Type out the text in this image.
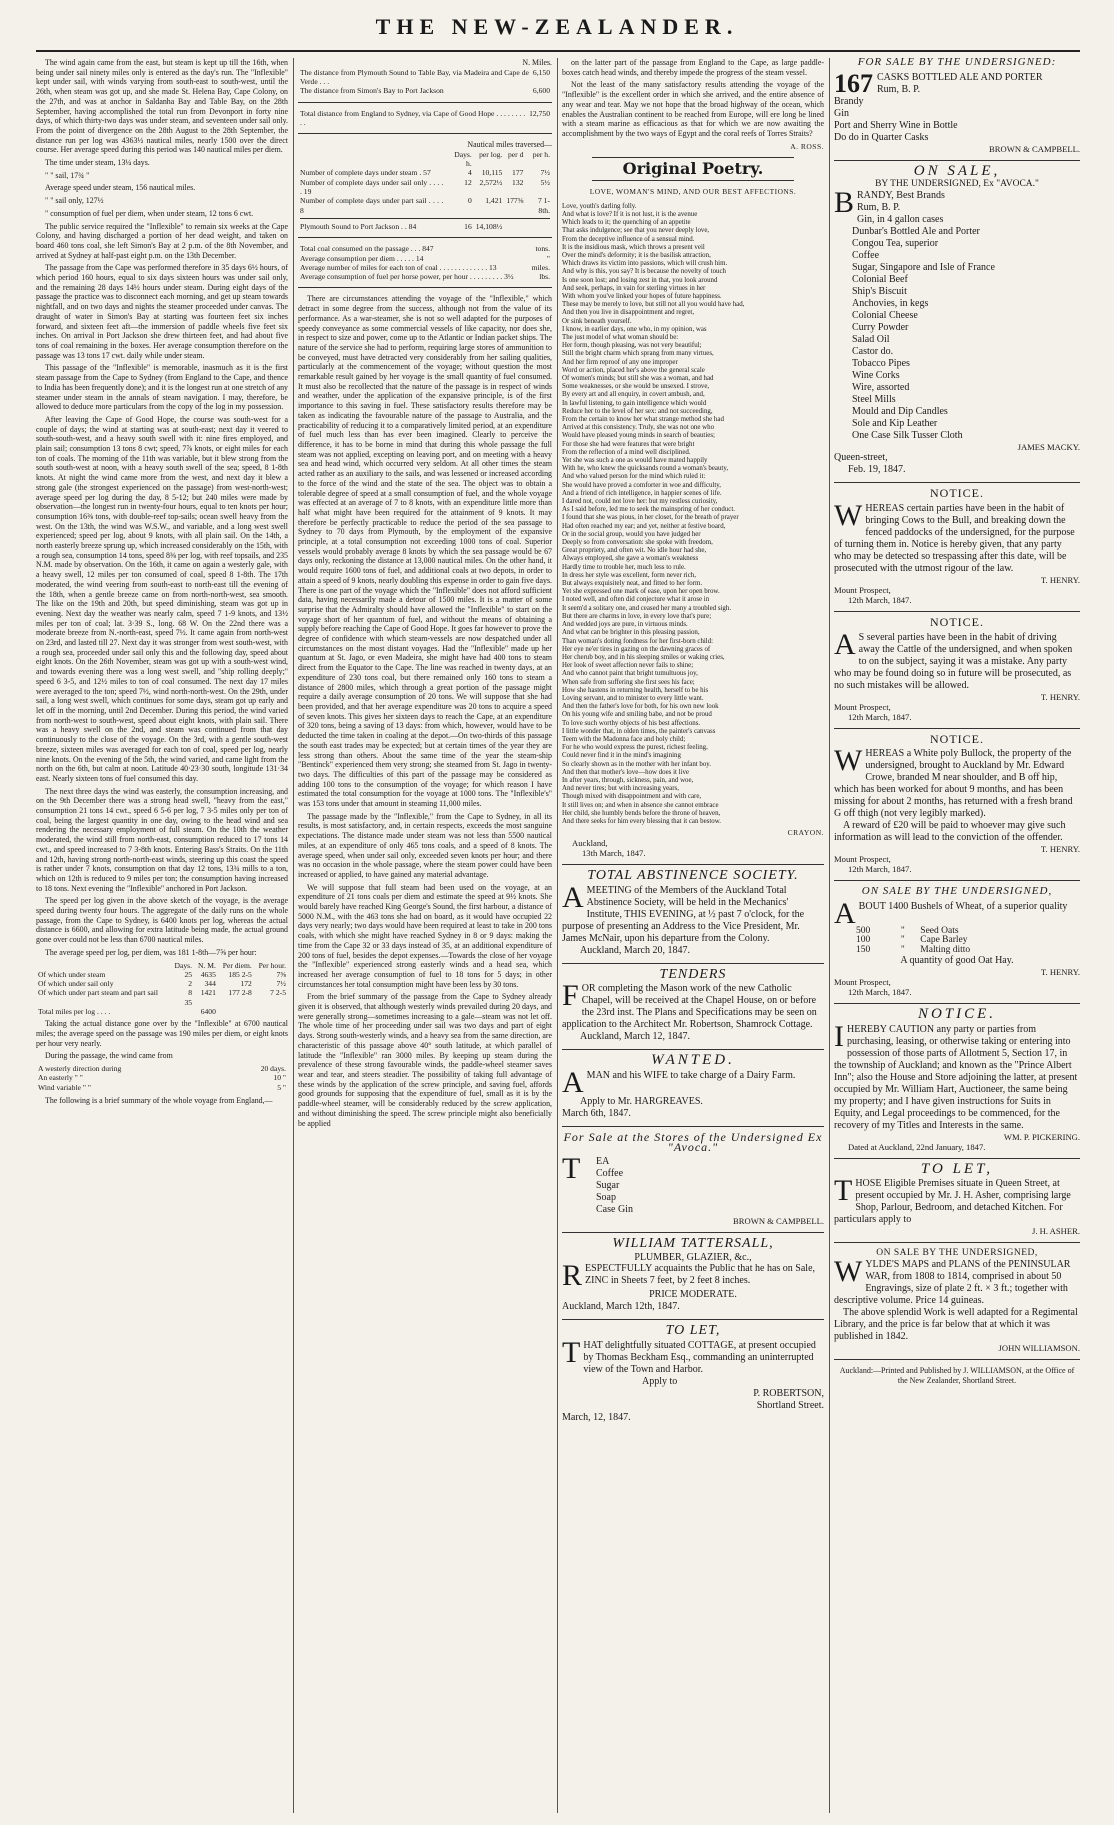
THE NEW-ZEALANDER.

The wind again came from the east, but steam is kept up till the 16th, when being under sail ninety miles only is entered as the day's run. The "Inflexible" kept under sail, with winds varying from south-east to south-west, until the 26th, when steam was got up, and she made St. Helena Bay, Cape Colony, on the 27th, and was at anchor in Saldanha Bay and Table Bay, on the 28th September, having accomplished the total run from Devonport in forty nine days, of which thirty-two days was under steam, and seventeen under sail only. From the point of divergence on the 28th August to the 28th September, the distance run per log was 4363½ nautical miles, nearly 1500 over the direct course. Her average speed during this period was 140 nautical miles per diem.

The time under steam, 13¼ days.

" " sail, 17¾ "

Average speed under steam, 156 nautical miles.

" " sail only, 127½

" consumption of fuel per diem, when under steam, 12 tons 6 cwt.

The public service required the "Inflexible" to remain six weeks at the Cape Colony, and having discharged a portion of her dead weight, and taken on board 460 tons coal, she left Simon's Bay at 2 p.m. of the 8th November, and arrived at Sydney at half-past eight p.m. on the 13th December.

The passage from the Cape was performed therefore in 35 days 6½ hours, of which period 160 hours, equal to six days sixteen hours was under sail only, and the remaining 28 days 14½ hours under steam. During eight days of the passage the practice was to disconnect each morning, and get up steam towards nightfall, and on two days and nights the steamer proceeded under canvas. The draught of water in Simon's Bay at starting was fourteen feet six inches forward, and sixteen feet aft—the immersion of paddle wheels five feet six inches. On arrival in Port Jackson she drew thirteen feet, and had about five tons of coal remaining in the boxes. Her average consumption therefore on the passage was 13 tons 17 cwt. daily while under steam.

This passage of the "Inflexible" is memorable, inasmuch as it is the first steam passage from the Cape to Sydney (from England to the Cape, and thence to India has been frequently done); and it is the longest run at one stretch of any steamer under steam in the annals of steam navigation. I may, therefore, be allowed to deduce more particulars from the copy of the log in my possession.

After leaving the Cape of Good Hope, the course was south-west for a couple of days; the wind at starting was at south-east; next day it veered to south-south-west, and a heavy south swell with it: nine fires employed, and plain sail; consumption 13 tons 8 cwt; speed, 7⅞ knots, or eight miles for each ton of coals. The morning of the 11th was variable, but it blew strong from the south south-west at noon, with a heavy south swell of the sea; speed, 8 1-8th knots. At night the wind came more from the west, and next day it blew a strong gale (the strongest experienced on the passage) from west-north-west; average speed per log during the day, 8 5-12; but 240 miles were made by observation—the longest run in twenty-four hours, equal to ten knots per hour; consumption 16⅜ tons, with double-reef top-sails; ocean swell heavy from the west. On the 13th, the wind was W.S.W., and variable, and a long west swell experienced; speed per log, about 9 knots, with all plain sail. On the 14th, a north easterly breeze sprung up, which increased considerably on the 15th, with a rough sea, consumption 14 tons, speed 8⅜ per log, with reef topsails, and 235 N.M. made by observation. On the 16th, it came on again a westerly gale, with a heavy swell, 12 miles per ton consumed of coal, speed 8 1-8th. The 17th moderated, the wind veering from south-east to north-east till the evening of the 18th, when a gentle breeze came on from north-north-west, sea smooth. The like on the 19th and 20th, but speed diminishing, steam was got up in evening. Next day the weather was nearly calm, speed 7 1-9 knots, and 13½ miles per ton of coal; lat. 3·39 S., long. 68 W. On the 22nd there was a moderate breeze from N.-north-east, speed 7½. It came again from north-west on 23rd, and lasted till 27. Next day it was stronger from west south-west, with a rough sea, proceeded under sail only this and the following day, speed about eight knots. On the 26th November, steam was got up with a south-west wind, and towards evening there was a long west swell, and "ship rolling deeply;" speed 6 3-5, and 12½ miles to ton of coal consumed. The next day 17 miles were averaged to the ton; speed 7½, wind north-north-west. On the 29th, under sail, a long west swell, which continues for some days, steam got up early and let off in the morning, until 2nd December. During this period, the wind varied from north-west to south-west, speed about eight knots, with plain sail. There was a heavy swell on the 2nd, and steam was continued from that day continuously to the close of the voyage. On the 3rd, with a gentle south-west breeze, sixteen miles was averaged for each ton of coal, speed per log, nearly nine knots. On the evening of the 5th, the wind varied, and came light from the north on the 6th, but calm at noon. Latitude 40·23·30 south, longitude 131·34 east. Nearly sixteen tons of fuel consumed this day.

The next three days the wind was easterly, the consumption increasing, and on the 9th December there was a strong head swell, "heavy from the east," consumption 21 tons 14 cwt., speed 6 5-6 per log, 7 3-5 miles only per ton of coal, being the largest quantity in one day, owing to the head wind and sea rendering the necessary employment of full steam. On the 10th the weather moderated, the wind still from north-east, consumption reduced to 17 tons 14 cwt., and speed increased to 7 3-8th knots. Entering Bass's Straits. On the 11th and 12th, having strong north-north-east winds, steering up this coast the speed is rather under 7 knots, consumption on that day 12 tons, 13¾ mills to a ton, which on 12th is reduced to 9 miles per ton; the consumption having increased to 18 tons. Next evening the "Inflexible" anchored in Port Jackson.

The speed per log given in the above sketch of the voyage, is the average speed during twenty four hours. The aggregate of the daily runs on the whole passage, from the Cape to Sydney, is 6400 knots per log, whereas the actual distance is 6600, and allowing for extra latitude being made, the actual ground gone over could not be less than 6700 nautical miles.

The average speed per log, per diem, was 181 1-8th—7⅝ per hour:

	Days.	N. M.	Per diem.	Per hour.
Of which under steam	25	4635	185 2-5	7⅝
Of which under sail only	2	344	172	7½
Of which under part steam and part sail	8	1421	177 2-8	7 2-5
	35			
Total miles per log . . . .		6400		

Taking the actual distance gone over by the "Inflexible" at 6700 nautical miles; the average speed on the passage was 190 miles per diem, or eight knots per hour very nearly.

During the passage, the wind came from

A westerly direction during	20 days.
An easterly " "	10 "
Wind variable " "	5 "

The following is a brief summary of the whole voyage from England,—

N. Miles.
The distance from Plymouth Sound to Table Bay, via Madeira and Cape de Verde . . .	6,150
The distance from Simon's Bay to Port Jackson	6,600
Total distance from England to Sydney, via Cape of Good Hope . . . . . . . . . .	12,750
Nautical miles traversed—
	Days. h.	per log.	per d	per h.
Number of complete days under steam . 57	4	10,115	177	7½
Number of complete days under sail only . . . . . 19	12	2,572½	132	5½
Number of complete days under part sail . . . . 8	0	1,421	177⅝	7 1-8th.

Plymouth Sound to Port Jackson . . 84	16	14,108½		
Total coal consumed on the passage . . . 847	tons.
Average consumption per diem . . . . . 14	"
Average number of miles for each ton of coal . . . . . . . . . . . . . 13	miles.
Average consumption of fuel per horse power, per hour . . . . . . . . . 3½	lbs.

There are circumstances attending the voyage of the "Inflexible," which detract in some degree from the success, although not from the value of its performance. As a war-steamer, she is not so well adapted for the purposes of speedy conveyance as some commercial vessels of like capacity, nor does she, in respect to size and power, come up to the Atlantic or Indian packet ships. The nature of the service she had to perform, requiring large stores of ammunition to be conveyed, must have detracted very considerably from her sailing qualities, particularly at the commencement of the voyage; without question the most remarkable result gained by her voyage is the small quantity of fuel consumed. It must also be recollected that the nature of the passage is in respect of winds and weather, under the application of the expansive principle, is of the first importance to this saving in fuel. These satisfactory results therefore may be taken as indicating the favourable nature of the passage to Australia, and the practicability of reducing it to a comparatively limited period, at an expenditure of fuel much less than has ever been imagined. Clearly to perceive the difference, it has to be borne in mind that during this whole passage the full steam was not applied, excepting on leaving port, and on meeting with a heavy sea and head wind, which occurred very seldom. At all other times the steam acted rather as an auxiliary to the sails, and was lessened or increased according to the force of the wind and the state of the sea. The object was to obtain a tolerable degree of speed at a small consumption of fuel, and the whole voyage was effected at an average of 7 to 8 knots, with an expenditure little more than half what might have been required for the attainment of 9 knots. It may therefore be perfectly practicable to reduce the period of the sea passage to Sydney to 70 days from Plymouth, by the employment of the expansive principle, at a total consumption not exceeding 1000 tons of coal. Superior vessels would probably average 8 knots by which the sea passage would be 67 days only, reckoning the distance at 13,000 nautical miles. On the other hand, it would require 1600 tons of fuel, and additional coals at two depots, in order to attain a speed of 9 knots, nearly doubling this expense in order to gain five days. There is one part of the voyage which the "Inflexible" does not afford sufficient data, having necessarily made a detour of 1500 miles. It is a matter of some surprise that the Admiralty should have allowed the "Inflexible" to start on the voyage short of her quantum of fuel, and without the means of obtaining a supply before reaching the Cape of Good Hope. It goes far however to prove the degree of confidence with which steam-vessels are now despatched under all circumstances on the most distant voyages. Had the "Inflexible" made up her quantum at St. Jago, or even Madeira, she might have had 400 tons to steam direct from the Equator to the Cape. The line was reached in twenty days, at an expenditure of 230 tons coal, but there remained only 160 tons to steam a distance of 2800 miles, which through a great portion of the passage might require a daily average consumption of 20 tons. We will suppose that she had been provided, and that her average expenditure was 20 tons to acquire a speed of seven knots. This gives her sixteen days to reach the Cape, at an expenditure of 320 tons, being a saving of 13 days: from which, however, would have to be deducted the time taken in coaling at the depot.—On two-thirds of this passage the south east trades may be expected; but at certain times of the year they are less strong than others. About the same time of the year the steam-ship "Bentinck" experienced them very strong; she steamed from St. Jago in twenty-two days. The difficulties of this part of the passage may be considered as adding 100 tons to the consumption of the voyage; for which reason I have estimated the total consumption for the voyage at 1000 tons. The "Inflexible's" was 153 tons under that amount in steaming 11,000 miles.

The passage made by the "Inflexible," from the Cape to Sydney, in all its results, is most satisfactory, and, in certain respects, exceeds the most sanguine expectations. The distance made under steam was not less than 5500 nautical miles, at an expenditure of only 465 tons coals, and a speed of 8 knots. The average speed, when under sail only, exceeded seven knots per hour; and there was no occasion in the whole passage, where the steam power could have been increased or applied, to have gained any material advantage.

We will suppose that full steam had been used on the voyage, at an expenditure of 21 tons coals per diem and estimate the speed at 9½ knots. She would barely have reached King George's Sound, the first harbour, a distance of 5000 N.M., with the 463 tons she had on board, as it would have occupied 22 days very nearly; two days would have been required at least to take in 200 tons coals, with which she might have reached Sydney in 8 or 9 days: making the time from the Cape 32 or 33 days instead of 35, at an additional expenditure of 200 tons of fuel, besides the depot expenses.—Towards the close of her voyage the "Inflexible" experienced strong easterly winds and a head sea, which increased her average consumption of fuel to 18 tons for 5 days; in other circumstances her total consumption might have been less by 30 tons.

From the brief summary of the passage from the Cape to Sydney already given it is observed, that although westerly winds prevailed during 20 days, and were generally strong—sometimes increasing to a gale—steam was not let off. The whole time of her proceeding under sail was two days and part of eight days. Strong south-westerly winds, and a heavy sea from the same direction, are characteristic of this passage above 40° south latitude, at which parallel of latitude the "Inflexible" ran 3000 miles. By keeping up steam during the prevalence of these strong favourable winds, the paddle-wheel steamer saves wear and tear, and steers steadier. The possibility of taking full advantage of these winds by the application of the screw principle, and saving fuel, affords good grounds for supposing that the expenditure of fuel, small as it is by the paddle-wheel steamer, will be considerably reduced by the screw application, and without diminishing the speed. The screw principle might also beneficially be applied

on the latter part of the passage from England to the Cape, as large paddle-boxes catch head winds, and thereby impede the progress of the steam vessel.

Not the least of the many satisfactory results attending the voyage of the "Inflexible" is the excellent order in which she arrived, and the entire absence of any wear and tear. May we not hope that the broad highway of the ocean, which enables the Australian continent to be reached from Europe, will ere long be lined with a steam marine as efficacious as that for which we are now awaiting the accomplishment by the two ways of Egypt and the coral reefs of Torres Straits?

A. ROSS.
Original Poetry.
LOVE, WOMAN'S MIND, AND OUR BEST AFFECTIONS.
Love, youth's darling folly.
And what is love? If it is not lust, it is the avenue
Which leads to it; the quenching of an appetite
That asks indulgence; see that you never deeply love,
From the deceptive influence of a sensual mind.
It is the insidious mask, which throws a present veil
Over the mind's deformity; it is the basilisk attraction,
Which draws its victim into passions, which will crush him.
And why is this, you say? It is because the novelty of touch
Is one soon lost; and losing zest in that, you look around
And seek, perhaps, in vain for sterling virtues in her
With whom you've linked your hopes of future happiness.
These may be merely to love, but still not all you would have had,
And then you live in disappointment and regret,
Or sink beneath yourself.
I know, in earlier days, one who, in my opinion, was
The just model of what woman should be:
Her form, though pleasing, was not very beautiful;
Still the bright charm which sprang from many virtues,
And her firm reproof of any one improper
Word or action, placed her's above the general scale
Of women's minds; but still she was a woman, and had
Some weaknesses, or she would be unsexed. I strove,
By every art and all enquiry, in covert ambush, and,
In lawful listening, to gain intelligence which would
Reduce her to the level of her sex: and not succeeding,
From the certain to know her what strange method she had
Arrived at this consistency. Truly, she was not one who
Would have pleased young minds in search of beauties;
For those she had were features that were bright
From the reflection of a mind well disciplined.
Yet she was such a one as would have mated happily
With he, who knew the quicksands round a woman's beauty,
And who valued person for the mind which ruled it:
She would have proved a comforter in woe and difficulty,
And a friend of rich intelligence, in happier scenes of life.
I dared not, could not love her: but my restless curiosity,
As I said before, led me to seek the mainspring of her conduct.
I found that she was pious, in her closet, for the breath of prayer
Had often reached my ear; and yet, neither at festive board,
Or in the social group, would you have judged her
Deeply so from conversation: she spoke with freedom,
Great propriety, and often wit. No idle hour had she,
Always employed, she gave a woman's weakness
Hardly time to trouble her, much less to rule.
In dress her style was excellent, form never rich,
But always exquisitely neat, and fitted to her form.
Yet she expressed one mark of ease, upon her open brow.
I noted well, and often did conjecture what it arose in
It seem'd a solitary one, and ceased her many a troubled sigh.
But there are charms in love, in every love that's pure;
And wedded joys are pure, in virtuous minds.
And what can be brighter in this pleasing passion,
Than woman's doting fondness for her first-born child:
Her eye ne'er tires in gazing on the dawning graces of
Her cherub boy, and in his sleeping smiles or waking cries,
Her look of sweet affection never fails to shine;
And who cannot paint that bright tumultuous joy,
When safe from suffering she first sees his face;
How she hastens in returning health, herself to be his
Loving servant, and to minister to every little want.
And then the father's love for both, for his own new look
On his young wife and smiling babe, and not be proud
To love such worthy objects of his best affections.
I little wonder that, in olden times, the painter's canvass
Teem with the Madonna face and holy child;
For he who would express the purest, richest feeling,
Could never find it in the mind's imagining
So clearly shown as in the mother with her infant boy.
And then that mother's love—how does it live
In after years, through, sickness, pain, and woe,
And never tires; but with increasing years,
Though mixed with disappointment and with care,
It still lives on; and when in absence she cannot embrace
Her child, she humbly bends before the throne of heaven,
And there seeks for him every blessing that it can bestow.
CRAYON.
Auckland,
13th March, 1847.
TOTAL ABSTINENCE SOCIETY.
AMEETING of the Members of the Auckland Total Abstinence Society, will be held in the Mechanics' Institute, THIS EVENING, at ½ past 7 o'clock, for the purpose of presenting an Address to the Vice President, Mr. James McNair, upon his departure from the Colony.
Auckland, March 20, 1847.
TENDERS
FOR completing the Mason work of the new Catholic Chapel, will be received at the Chapel House, on or before the 23rd inst. The Plans and Specifications may be seen on application to the Architect Mr. Robertson, Shamrock Cottage.
Auckland, March 12, 1847.
WANTED.
AMAN and his WIFE to take charge of a Dairy Farm.
Apply to Mr. HARGREAVES.
March 6th, 1847.
For Sale at the Stores of the Undersigned Ex "Avoca."
T EA
Coffee
Sugar
Soap
Case Gin
BROWN & CAMPBELL.
WILLIAM TATTERSALL,
PLUMBER, GLAZIER, &c.,
RESPECTFULLY acquaints the Public that he has on Sale, ZINC in Sheets 7 feet, by 2 feet 8 inches.
PRICE MODERATE.
Auckland, March 12th, 1847.
TO LET,
THAT delightfully situated COTTAGE, at present occupied by Thomas Beckham Esq., commanding an uninterrupted view of the Town and Harbor.
Apply to
P. ROBERTSON,
Shortland Street.
March, 12, 1847.
FOR SALE BY THE UNDERSIGNED:
167 CASKS BOTTLED ALE AND PORTER
Rum, B. P.
Brandy
Gin
Port and Sherry Wine in Bottle
Do do in Quarter Casks
BROWN & CAMPBELL.
ON SALE,
BY THE UNDERSIGNED, Ex "AVOCA."
B RANDY, Best Brands
Rum, B. P.
Gin, in 4 gallon cases
Dunbar's Bottled Ale and Porter
Congou Tea, superior
Coffee
Sugar, Singapore and Isle of France
Colonial Beef
Ship's Biscuit
Anchovies, in kegs
Colonial Cheese
Curry Powder
Salad Oil
Castor do.
Tobacco Pipes
Wine Corks
Wire, assorted
Steel Mills
Mould and Dip Candles
Sole and Kip Leather
One Case Silk Tusser Cloth
JAMES MACKY.
Queen-street,
Feb. 19, 1847.
NOTICE.
WHEREAS certain parties have been in the habit of bringing Cows to the Bull, and breaking down the fenced paddocks of the undersigned, for the purpose of turning them in. Notice is hereby given, that any party who may be detected so trespassing after this date, will be prosecuted with the utmost rigour of the law.
T. HENRY.
Mount Prospect,
12th March, 1847.
NOTICE.
A S several parties have been in the habit of driving away the Cattle of the undersigned, and when spoken to on the subject, saying it was a mistake. Any party who may be found doing so in future will be prosecuted, as no such mistakes will be allowed.
T. HENRY.
Mount Prospect,
12th March, 1847.
NOTICE.
WHEREAS a White poly Bullock, the property of the undersigned, brought to Auckland by Mr. Edward Crowe, branded M near shoulder, and B off hip, which has been worked for about 9 months, and has been missing for about 2 months, has returned with a fresh brand G off thigh (not very legibly marked).
A reward of £20 will be paid to whoever may give such information as will lead to the conviction of the offender.
T. HENRY.
Mount Prospect,
12th March, 1847.
ON SALE BY THE UNDERSIGNED,
ABOUT 1400 Bushels of Wheat, of a superior quality
500	"	Seed Oats
100	"	Cape Barley
150	"	Malting ditto
A quantity of good Oat Hay.
T. HENRY.
Mount Prospect,
12th March, 1847.
NOTICE.
IHEREBY CAUTION any party or parties from purchasing, leasing, or otherwise taking or entering into possession of those parts of Allotment 5, Section 17, in the township of Auckland; and known as the "Prince Albert Inn"; also the House and Store adjoining the latter, at present occupied by Mr. William Hart, Auctioneer, the same being my property; and I have given instructions for Suits in Equity, and Legal proceedings to be commenced, for the recovery of my Titles and Interests in the same.
WM. P. PICKERING.
Dated at Auckland, 22nd January, 1847.
TO LET,
THOSE Eligible Premises situate in Queen Street, at present occupied by Mr. J. H. Asher, comprising large Shop, Parlour, Bedroom, and detached Kitchen. For particulars apply to
J. H. ASHER.
ON SALE BY THE UNDERSIGNED,
WYLDE'S MAPS and PLANS of the PENINSULAR WAR, from 1808 to 1814, comprised in about 50 Engravings, size of plate 2 ft. × 3 ft.; together with descriptive volume. Price 14 guineas.
The above splendid Work is well adapted for a Regimental Library, and the price is far below that at which it was published in 1842.
JOHN WILLIAMSON.
Auckland:—Printed and Published by J. WILLIAMSON, at the Office of the New Zealander, Shortland Street.
